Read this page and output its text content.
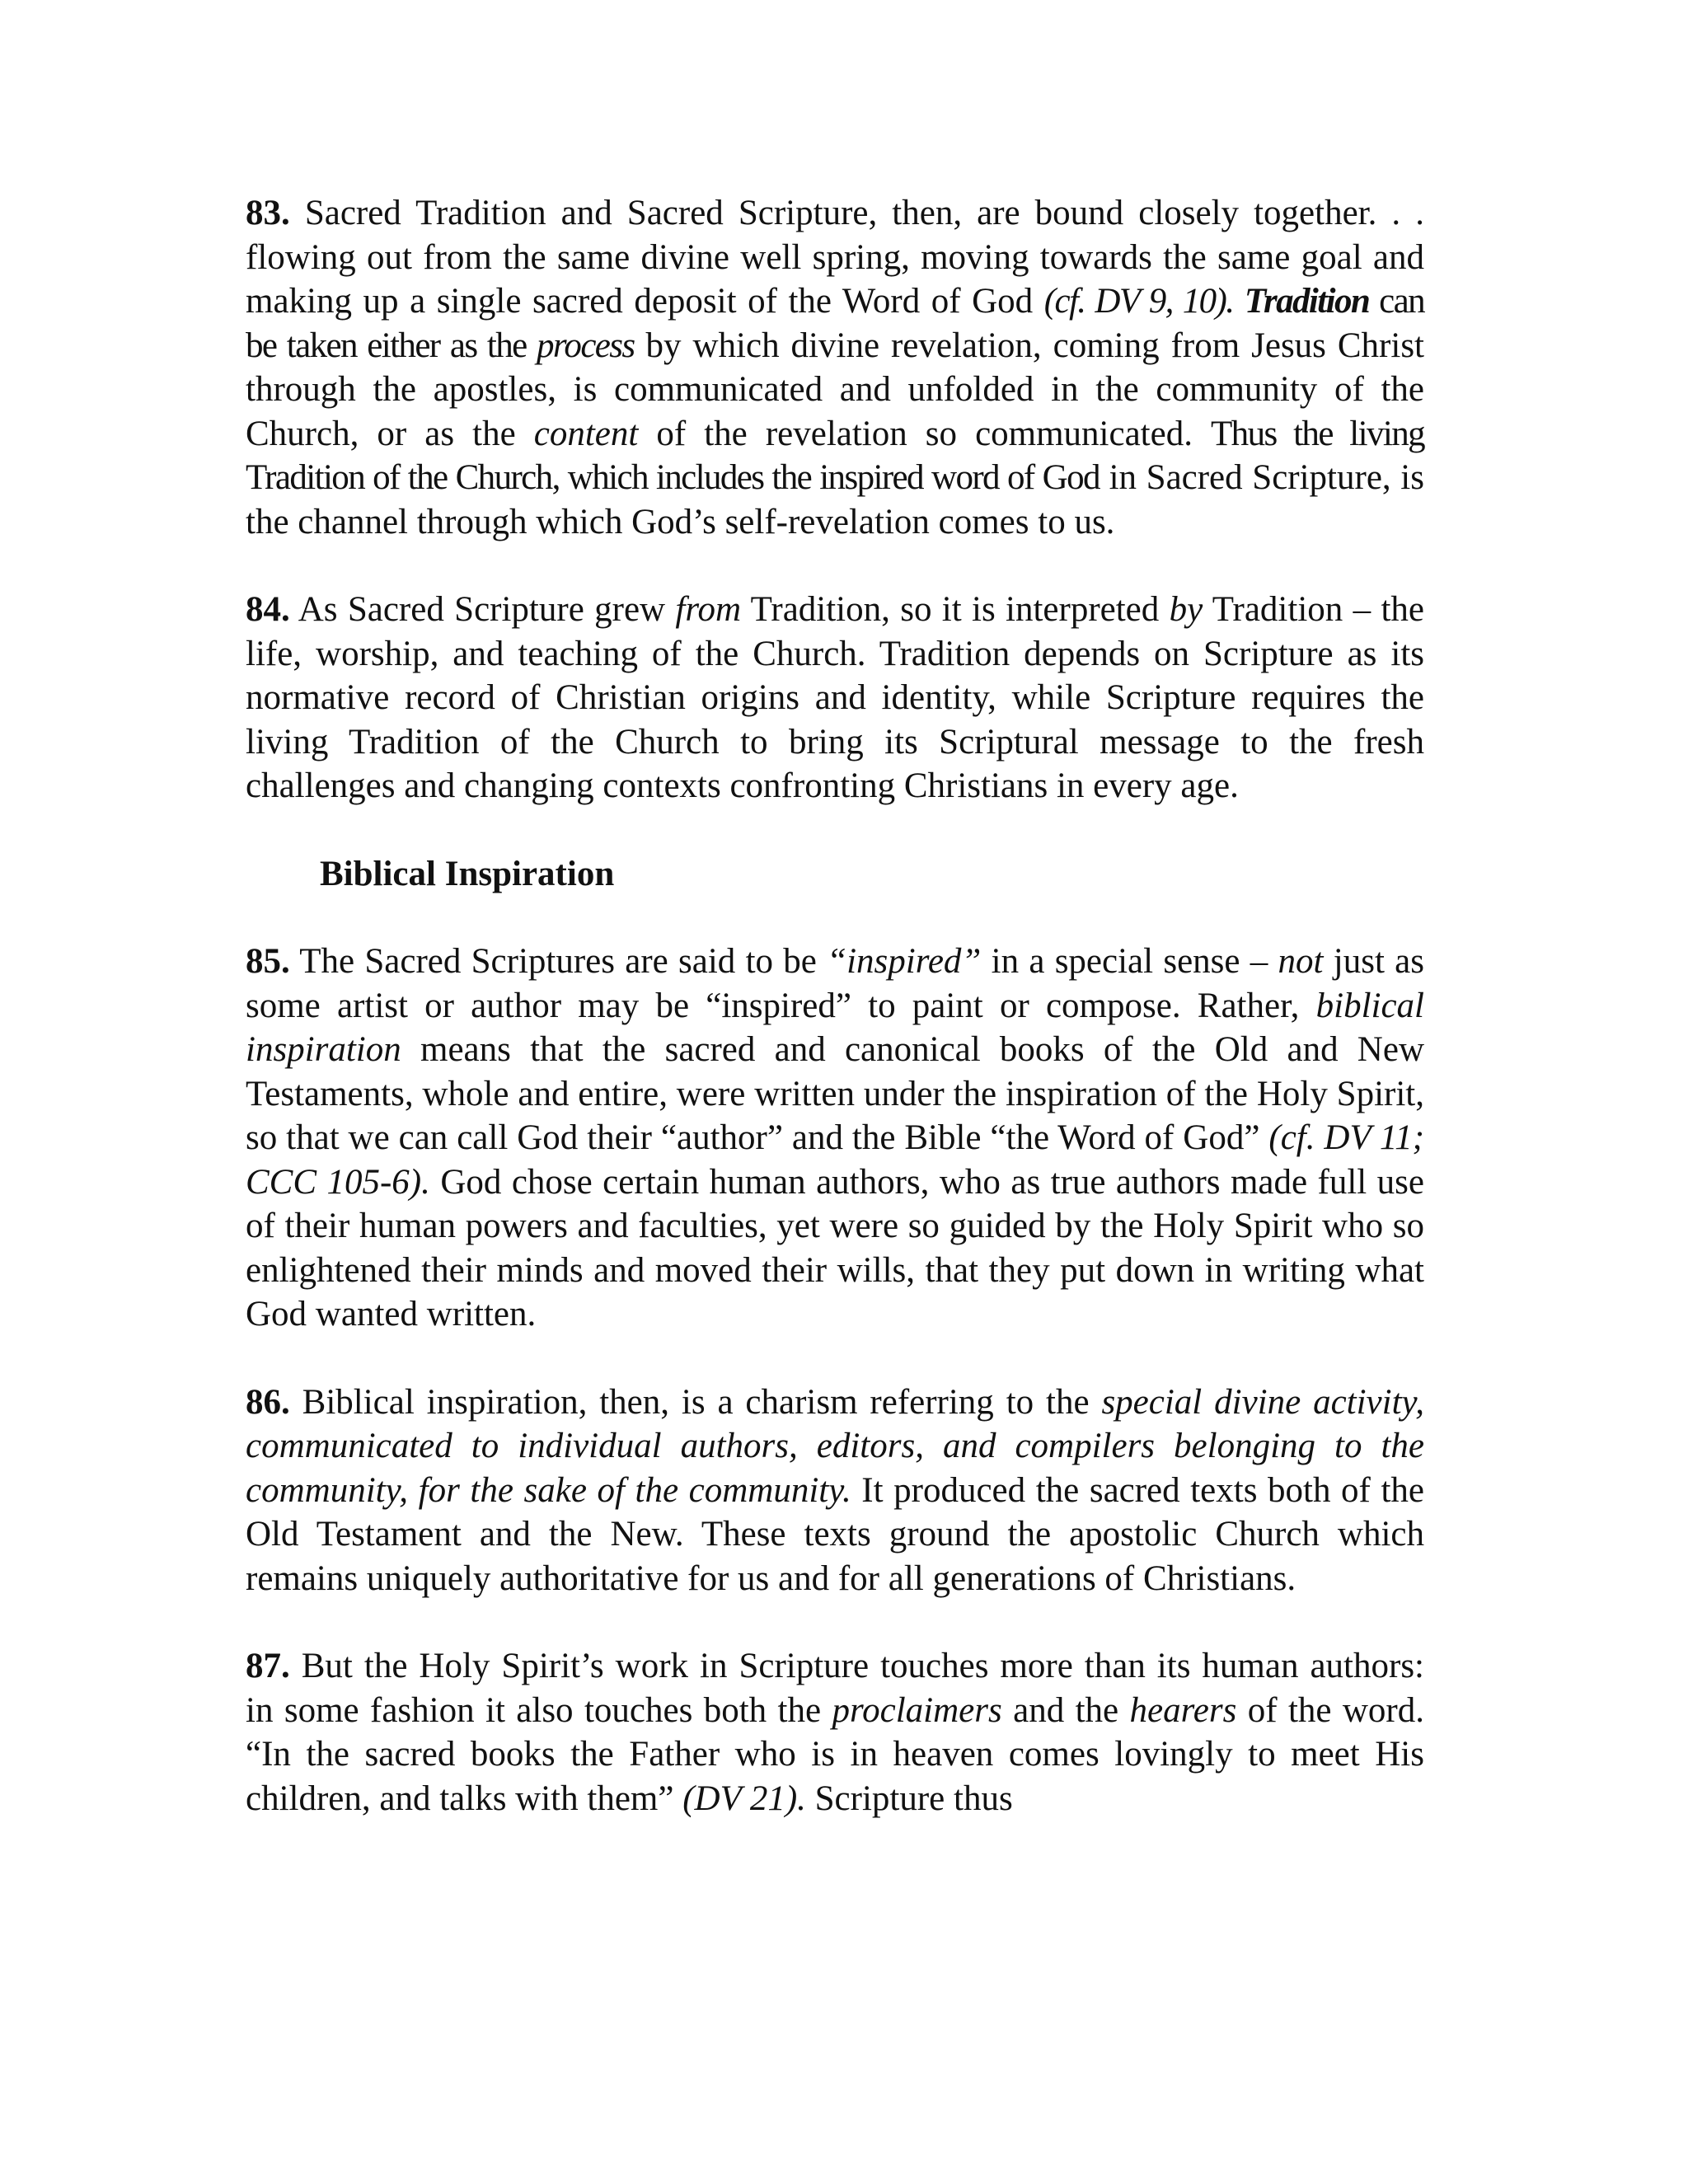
83. Sacred Tradition and Sacred Scripture, then, are bound closely together. . . flowing out from the same divine well spring, moving towards the same goal and making up a single sacred deposit of the Word of God (cf. DV 9, 10). Tradition can be taken either as the process by which divine revelation, coming from Jesus Christ through the apostles, is communicated and unfolded in the community of the Church, or as the content of the revelation so communicated. Thus the living Tradition of the Church, which includes the inspired word of God in Sacred Scripture, is the channel through which God’s self-revelation comes to us.

84. As Sacred Scripture grew from Tradition, so it is interpreted by Tradition – the life, worship, and teaching of the Church. Tradition depends on Scripture as its normative record of Christian origins and identity, while Scripture requires the living Tradition of the Church to bring its Scriptural message to the fresh challenges and changing contexts confronting Christians in every age.

Biblical Inspiration

85. The Sacred Scriptures are said to be “inspired” in a special sense – not just as some artist or author may be “inspired” to paint or compose. Rather, biblical inspiration means that the sacred and canonical books of the Old and New Testaments, whole and entire, were written under the inspiration of the Holy Spirit, so that we can call God their “author” and the Bible “the Word of God” (cf. DV 11; CCC 105-6). God chose certain human authors, who as true authors made full use of their human powers and faculties, yet were so guided by the Holy Spirit who so enlightened their minds and moved their wills, that they put down in writing what God wanted written.

86. Biblical inspiration, then, is a charism referring to the special divine activity, communicated to individual authors, editors, and compilers belonging to the community, for the sake of the community. It produced the sacred texts both of the Old Testament and the New. These texts ground the apostolic Church which remains uniquely authoritative for us and for all generations of Christians.

87. But the Holy Spirit’s work in Scripture touches more than its human authors: in some fashion it also touches both the proclaimers and the hearers of the word. “In the sacred books the Father who is in heaven comes lovingly to meet His children, and talks with them” (DV 21). Scripture thus
